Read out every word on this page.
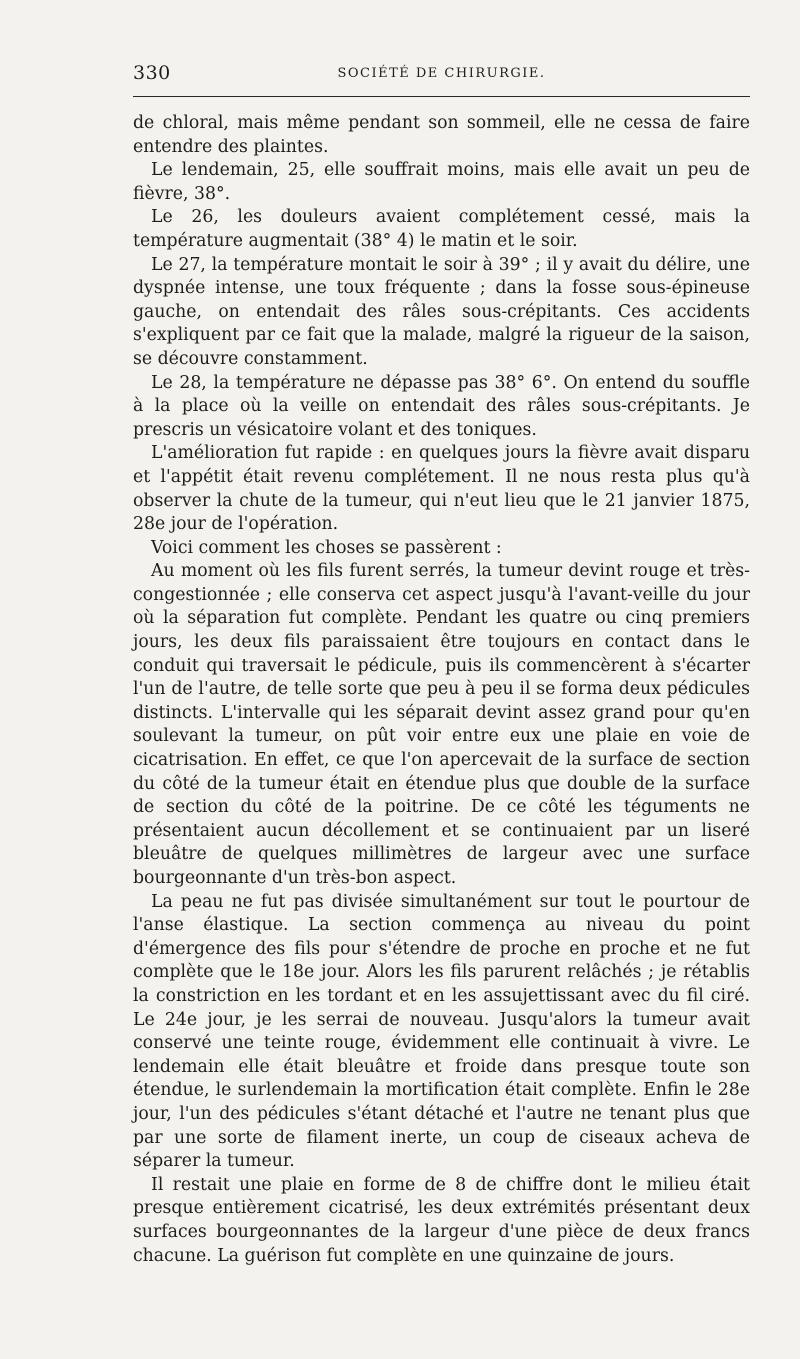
330	SOCIÉTÉ DE CHIRURGIE.

de chloral, mais même pendant son sommeil, elle ne cessa de faire entendre des plaintes.

Le lendemain, 25, elle souffrait moins, mais elle avait un peu de fièvre, 38°.

Le 26, les douleurs avaient complétement cessé, mais la température augmentait (38° 4) le matin et le soir.

Le 27, la température montait le soir à 39° ; il y avait du délire, une dyspnée intense, une toux fréquente ; dans la fosse sous-épineuse gauche, on entendait des râles sous-crépitants. Ces accidents s'expliquent par ce fait que la malade, malgré la rigueur de la saison, se découvre constamment.

Le 28, la température ne dépasse pas 38° 6°. On entend du souffle à la place où la veille on entendait des râles sous-crépitants. Je prescris un vésicatoire volant et des toniques.

L'amélioration fut rapide : en quelques jours la fièvre avait disparu et l'appétit était revenu complétement. Il ne nous resta plus qu'à observer la chute de la tumeur, qui n'eut lieu que le 21 janvier 1875, 28e jour de l'opération.

Voici comment les choses se passèrent :

Au moment où les fils furent serrés, la tumeur devint rouge et très-congestionnée ; elle conserva cet aspect jusqu'à l'avant-veille du jour où la séparation fut complète. Pendant les quatre ou cinq premiers jours, les deux fils paraissaient être toujours en contact dans le conduit qui traversait le pédicule, puis ils commencèrent à s'écarter l'un de l'autre, de telle sorte que peu à peu il se forma deux pédicules distincts. L'intervalle qui les séparait devint assez grand pour qu'en soulevant la tumeur, on pût voir entre eux une plaie en voie de cicatrisation. En effet, ce que l'on apercevait de la surface de section du côté de la tumeur était en étendue plus que double de la surface de section du côté de la poitrine. De ce côté les téguments ne présentaient aucun décollement et se continuaient par un liseré bleuâtre de quelques millimètres de largeur avec une surface bourgeonnante d'un très-bon aspect.

La peau ne fut pas divisée simultanément sur tout le pourtour de l'anse élastique. La section commença au niveau du point d'émergence des fils pour s'étendre de proche en proche et ne fut complète que le 18e jour. Alors les fils parurent relâchés ; je rétablis la constriction en les tordant et en les assujettissant avec du fil ciré. Le 24e jour, je les serrai de nouveau. Jusqu'alors la tumeur avait conservé une teinte rouge, évidemment elle continuait à vivre. Le lendemain elle était bleuâtre et froide dans presque toute son étendue, le surlendemain la mortification était complète. Enfin le 28e jour, l'un des pédicules s'étant détaché et l'autre ne tenant plus que par une sorte de filament inerte, un coup de ciseaux acheva de séparer la tumeur.

Il restait une plaie en forme de 8 de chiffre dont le milieu était presque entièrement cicatrisé, les deux extrémités présentant deux surfaces bourgeonnantes de la largeur d'une pièce de deux francs chacune. La guérison fut complète en une quinzaine de jours.
